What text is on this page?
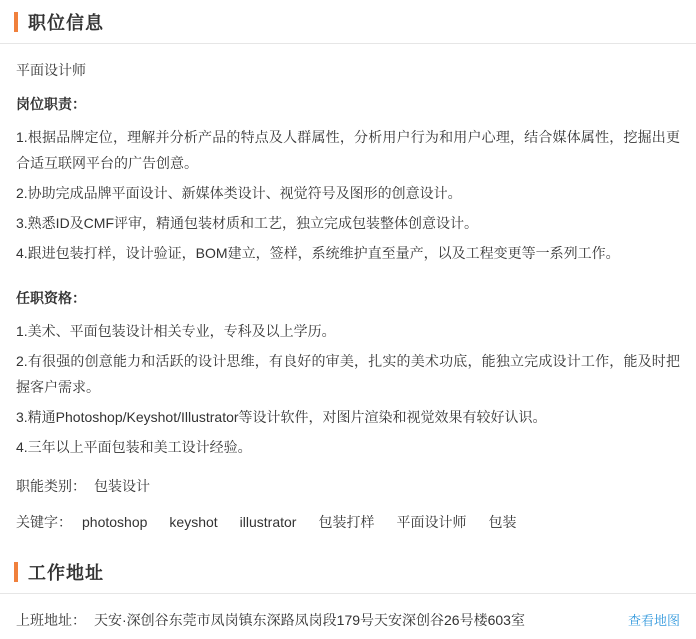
职位信息
平面设计师
岗位职责：

1.根据品牌定位，理解并分析产品的特点及人群属性，分析用户行为和用户心理，结合媒体属性，挖掘出更合适互联网平台的广告创意。

2.协助完成品牌平面设计、新媒体类设计、视觉符号及图形的创意设计。

3.熟悉ID及CMF评审，精通包装材质和工艺，独立完成包装整体创意设计。

4.跟进包装打样，设计验证，BOM建立，签样，系统维护直至量产，以及工程变更等一系列工作。

任职资格：

1.美术、平面包装设计相关专业，专科及以上学历。

2.有很强的创意能力和活跃的设计思维，有良好的审美，扎实的美术功底，能独立完成设计工作，能及时把握客户需求。

3.精通Photoshop/Keyshot/Illustrator等设计软件，对图片渲染和视觉效果有较好认识。

4.三年以上平面包装和美工设计经验。

职能类别： 包装设计
关键字： photoshop keyshot illustrator 包装打样 平面设计师 包装
工作地址
上班地址： 天安·深创谷东莞市凤岗镇东深路凤岗段179号天安深创谷26号楼603室	查看地图
